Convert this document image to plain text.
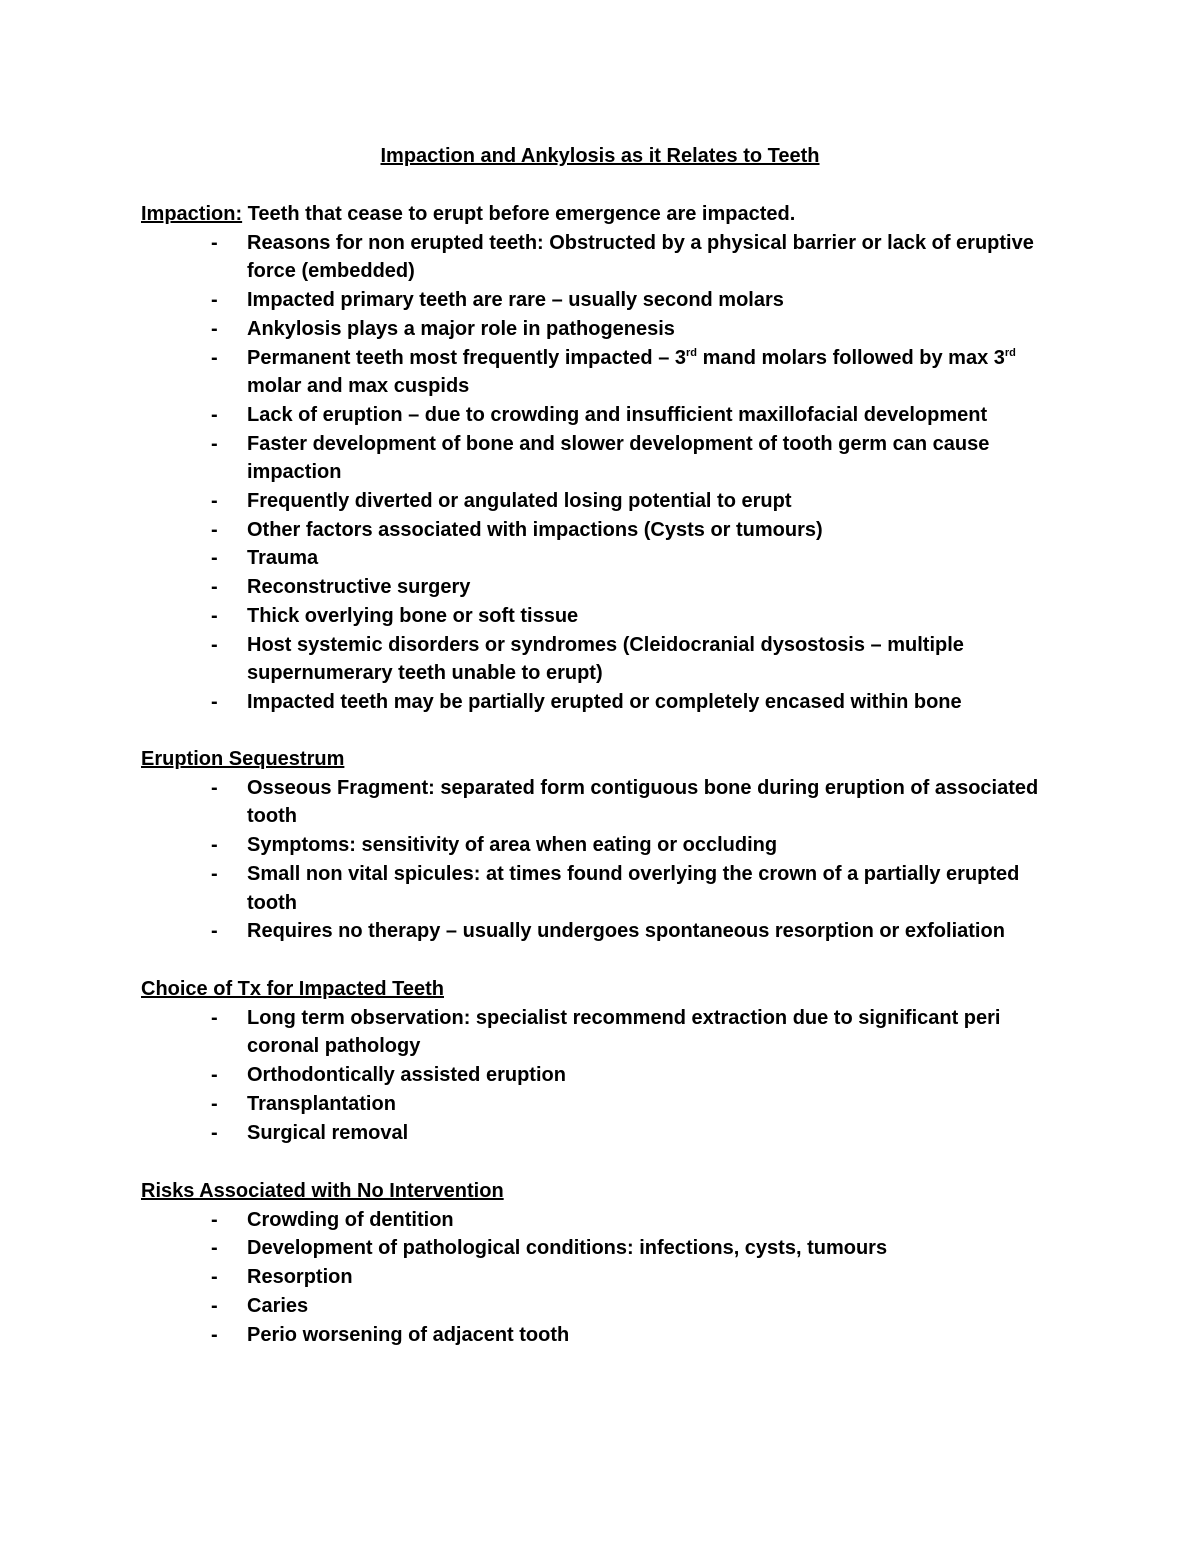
Impaction and Ankylosis as it Relates to Teeth
Impaction: Teeth that cease to erupt before emergence are impacted.
- Reasons for non erupted teeth: Obstructed by a physical barrier or lack of eruptive force (embedded)
- Impacted primary teeth are rare – usually second molars
- Ankylosis plays a major role in pathogenesis
- Permanent teeth most frequently impacted – 3rd mand molars followed by max 3rd molar and max cuspids
- Lack of eruption – due to crowding and insufficient maxillofacial development
- Faster development of bone and slower development of tooth germ can cause impaction
- Frequently diverted or angulated losing potential to erupt
- Other factors associated with impactions (Cysts or tumours)
- Trauma
- Reconstructive surgery
- Thick overlying bone or soft tissue
- Host systemic disorders or syndromes (Cleidocranial dysostosis – multiple supernumerary teeth unable to erupt)
- Impacted teeth may be partially erupted or completely encased within bone
Eruption Sequestrum
- Osseous Fragment: separated form contiguous bone during eruption of associated tooth
- Symptoms: sensitivity of area when eating or occluding
- Small non vital spicules: at times found overlying the crown of a partially erupted tooth
- Requires no therapy – usually undergoes spontaneous resorption or exfoliation
Choice of Tx for Impacted Teeth
- Long term observation: specialist recommend extraction due to significant peri coronal pathology
- Orthodontically assisted eruption
- Transplantation
- Surgical removal
Risks Associated with No Intervention
- Crowding of dentition
- Development of pathological conditions: infections, cysts, tumours
- Resorption
- Caries
- Perio worsening of adjacent tooth
